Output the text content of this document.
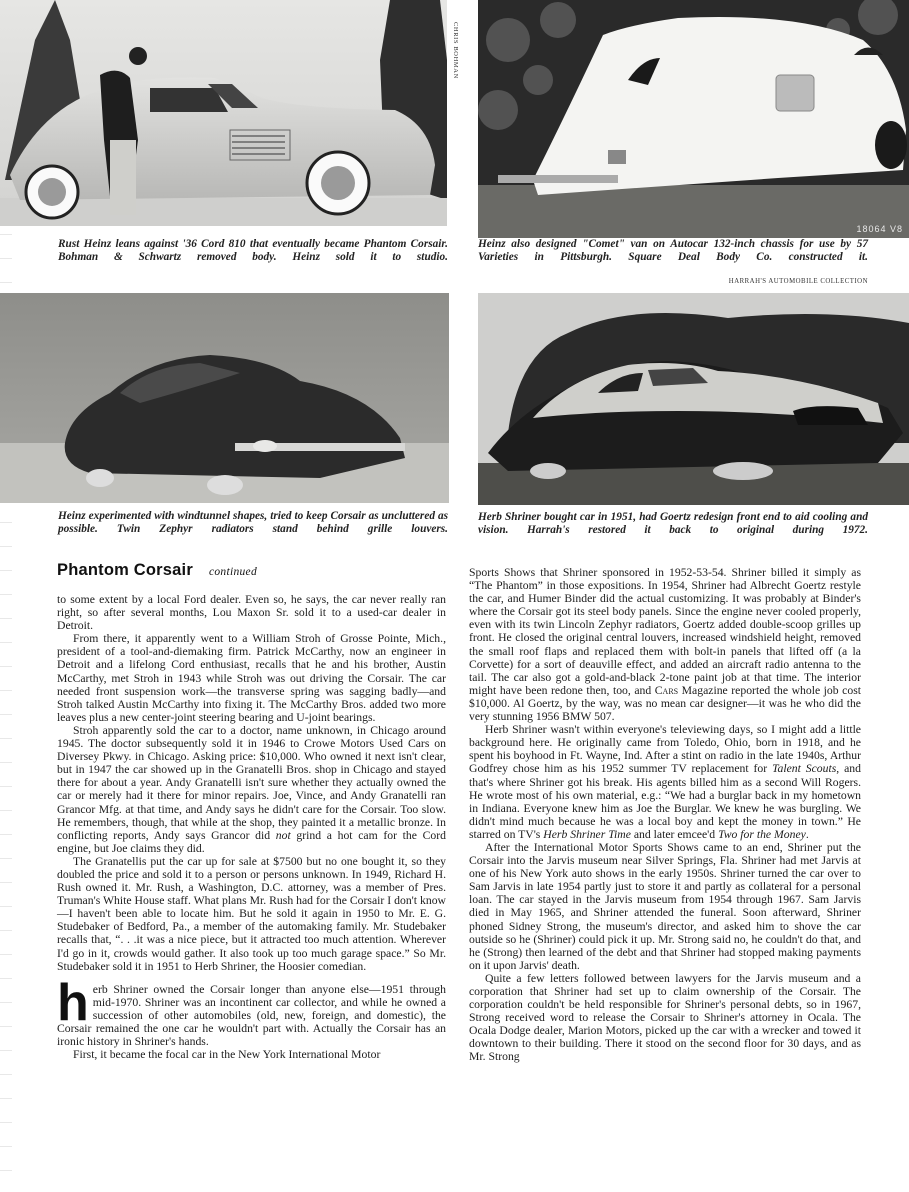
CHRIS BOHMAN
18064 V8
Rust Heinz leans against '36 Cord 810 that eventually became Phantom Corsair. Bohman & Schwartz removed body. Heinz sold it to studio.
Heinz also designed "Comet" van on Autocar 132-inch chassis for use by 57 Varieties in Pittsburgh. Square Deal Body Co. constructed it.
HARRAH'S AUTOMOBILE COLLECTION
Heinz experimented with windtunnel shapes, tried to keep Corsair as uncluttered as possible. Twin Zephyr radiators stand behind grille louvers.
Herb Shriner bought car in 1951, had Goertz redesign front end to aid cooling and vision. Harrah's restored it back to original during 1972.
Phantom Corsair continued

to some extent by a local Ford dealer. Even so, he says, the car never really ran right, so after several months, Lou Maxon Sr. sold it to a used-car dealer in Detroit.

From there, it apparently went to a William Stroh of Grosse Pointe, Mich., president of a tool-and-diemaking firm. Patrick McCarthy, now an engineer in Detroit and a lifelong Cord enthusiast, recalls that he and his brother, Austin McCarthy, met Stroh in 1943 while Stroh was out driving the Corsair. The car needed front suspension work—the transverse spring was sagging badly—and Stroh talked Austin McCarthy into fixing it. The McCarthy Bros. added two more leaves plus a new center-joint steering bearing and U-joint bearings.

Stroh apparently sold the car to a doctor, name unknown, in Chicago around 1945. The doctor subsequently sold it in 1946 to Crowe Motors Used Cars on Diversey Pkwy. in Chicago. Asking price: $10,000. Who owned it next isn't clear, but in 1947 the car showed up in the Granatelli Bros. shop in Chicago and stayed there for about a year. Andy Granatelli isn't sure whether they actually owned the car or merely had it there for minor repairs. Joe, Vince, and Andy Granatelli ran Grancor Mfg. at that time, and Andy says he didn't care for the Corsair. Too slow. He remembers, though, that while at the shop, they painted it a metallic bronze. In conflicting reports, Andy says Grancor did not grind a hot cam for the Cord engine, but Joe claims they did.

The Granatellis put the car up for sale at $7500 but no one bought it, so they doubled the price and sold it to a person or persons unknown. In 1949, Richard H. Rush owned it. Mr. Rush, a Washington, D.C. attorney, was a member of Pres. Truman's White House staff. What plans Mr. Rush had for the Corsair I don't know—I haven't been able to locate him. But he sold it again in 1950 to Mr. E. G. Studebaker of Bedford, Pa., a member of the automaking family. Mr. Studebaker recalls that, “. . .it was a nice piece, but it attracted too much attention. Wherever I'd go in it, crowds would gather. It also took up too much garage space.” So Mr. Studebaker sold it in 1951 to Herb Shriner, the Hoosier comedian.

herb Shriner owned the Corsair longer than anyone else—1951 through mid-1970. Shriner was an incontinent car collector, and while he owned a succession of other automobiles (old, new, foreign, and domestic), the Corsair remained the one car he wouldn't part with. Actually the Corsair has an ironic history in Shriner's hands.

First, it became the focal car in the New York International Motor

Sports Shows that Shriner sponsored in 1952-53-54. Shriner billed it simply as “The Phantom” in those expositions. In 1954, Shriner had Albrecht Goertz restyle the car, and Humer Binder did the actual customizing. It was probably at Binder's where the Corsair got its steel body panels. Since the engine never cooled properly, even with its twin Lincoln Zephyr radiators, Goertz added double-scoop grilles up front. He closed the original central louvers, increased windshield height, removed the small roof flaps and replaced them with bolt-in panels that lifted off (a la Corvette) for a sort of deauville effect, and added an aircraft radio antenna to the tail. The car also got a gold-and-black 2-tone paint job at that time. The interior might have been redone then, too, and Cars Magazine reported the whole job cost $10,000. Al Goertz, by the way, was no mean car designer—it was he who did the very stunning 1956 BMW 507.

Herb Shriner wasn't within everyone's televiewing days, so I might add a little background here. He originally came from Toledo, Ohio, born in 1918, and he spent his boyhood in Ft. Wayne, Ind. After a stint on radio in the late 1940s, Arthur Godfrey chose him as his 1952 summer TV replacement for Talent Scouts, and that's where Shriner got his break. His agents billed him as a second Will Rogers. He wrote most of his own material, e.g.: “We had a burglar back in my hometown in Indiana. Everyone knew him as Joe the Burglar. We knew he was burgling. We didn't mind much because he was a local boy and kept the money in town.” He starred on TV's Herb Shriner Time and later emcee'd Two for the Money.

After the International Motor Sports Shows came to an end, Shriner put the Corsair into the Jarvis museum near Silver Springs, Fla. Shriner had met Jarvis at one of his New York auto shows in the early 1950s. Shriner turned the car over to Sam Jarvis in late 1954 partly just to store it and partly as collateral for a personal loan. The car stayed in the Jarvis museum from 1954 through 1967. Sam Jarvis died in May 1965, and Shriner attended the funeral. Soon afterward, Shriner phoned Sidney Strong, the museum's director, and asked him to shove the car outside so he (Shriner) could pick it up. Mr. Strong said no, he couldn't do that, and he (Strong) then learned of the debt and that Shriner had stopped making payments on it upon Jarvis' death.

Quite a few letters followed between lawyers for the Jarvis museum and a corporation that Shriner had set up to claim ownership of the Corsair. The corporation couldn't be held responsible for Shriner's personal debts, so in 1967, Strong received word to release the Corsair to Shriner's attorney in Ocala. The Ocala Dodge dealer, Marion Motors, picked up the car with a wrecker and towed it downtown to their building. There it stood on the second floor for 30 days, and as Mr. Strong
